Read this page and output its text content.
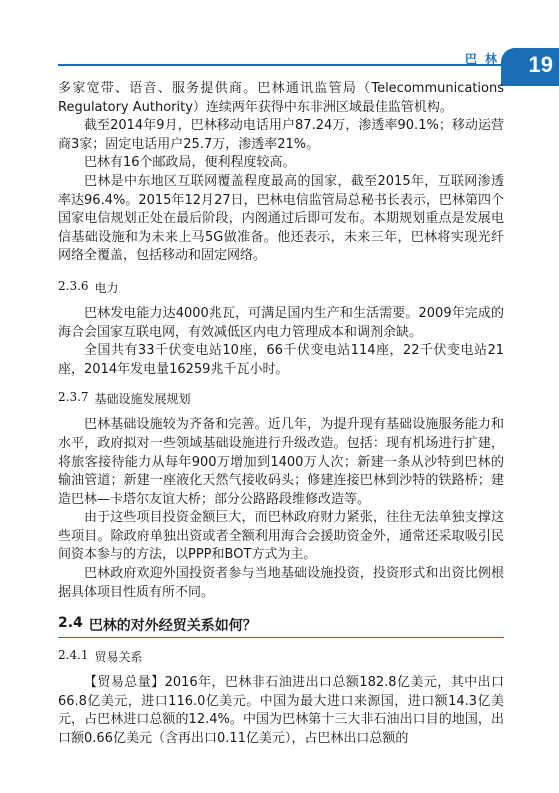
巴 林 19

多家宽带、语音、服务提供商。巴林通讯监管局（Telecommunications Regulatory Authority）连续两年获得中东非洲区域最佳监管机构。

截至2014年9月，巴林移动电话用户87.24万，渗透率90.1%；移动运营商3家；固定电话用户25.7万，渗透率21%。

巴林有16个邮政局，便利程度较高。

巴林是中东地区互联网覆盖程度最高的国家，截至2015年，互联网渗透率达96.4%。2015年12月27日，巴林电信监管局总秘书长表示，巴林第四个国家电信规划正处在最后阶段，内阁通过后即可发布。本期规划重点是发展电信基础设施和为未来上马5G做准备。他还表示，未来三年，巴林将实现光纤网络全覆盖，包括移动和固定网络。

2.3.6 电力

巴林发电能力达4000兆瓦，可满足国内生产和生活需要。2009年完成的海合会国家互联电网，有效减低区内电力管理成本和调剂余缺。

全国共有33千伏变电站10座，66千伏变电站114座，22千伏变电站21座，2014年发电量16259兆千瓦小时。

2.3.7 基础设施发展规划

巴林基础设施较为齐备和完善。近几年，为提升现有基础设施服务能力和水平，政府拟对一些领域基础设施进行升级改造。包括：现有机场进行扩建，将旅客接待能力从每年900万增加到1400万人次；新建一条从沙特到巴林的输油管道；新建一座液化天然气接收码头；修建连接巴林到沙特的铁路桥；建造巴林—卡塔尔友谊大桥；部分公路路段维修改造等。

由于这些项目投资金额巨大，而巴林政府财力紧张，往往无法单独支撑这些项目。除政府单独出资或者全额利用海合会援助资金外，通常还采取吸引民间资本参与的方法，以PPP和BOT方式为主。

巴林政府欢迎外国投资者参与当地基础设施投资，投资形式和出资比例根据具体项目性质有所不同。

2.4 巴林的对外经贸关系如何？
2.4.1 贸易关系

【贸易总量】2016年，巴林非石油进出口总额182.8亿美元，其中出口66.8亿美元，进口116.0亿美元。中国为最大进口来源国，进口额14.3亿美元，占巴林进口总额的12.4%。中国为巴林第十三大非石油出口目的地国，出口额0.66亿美元（含再出口0.11亿美元），占巴林出口总额的
